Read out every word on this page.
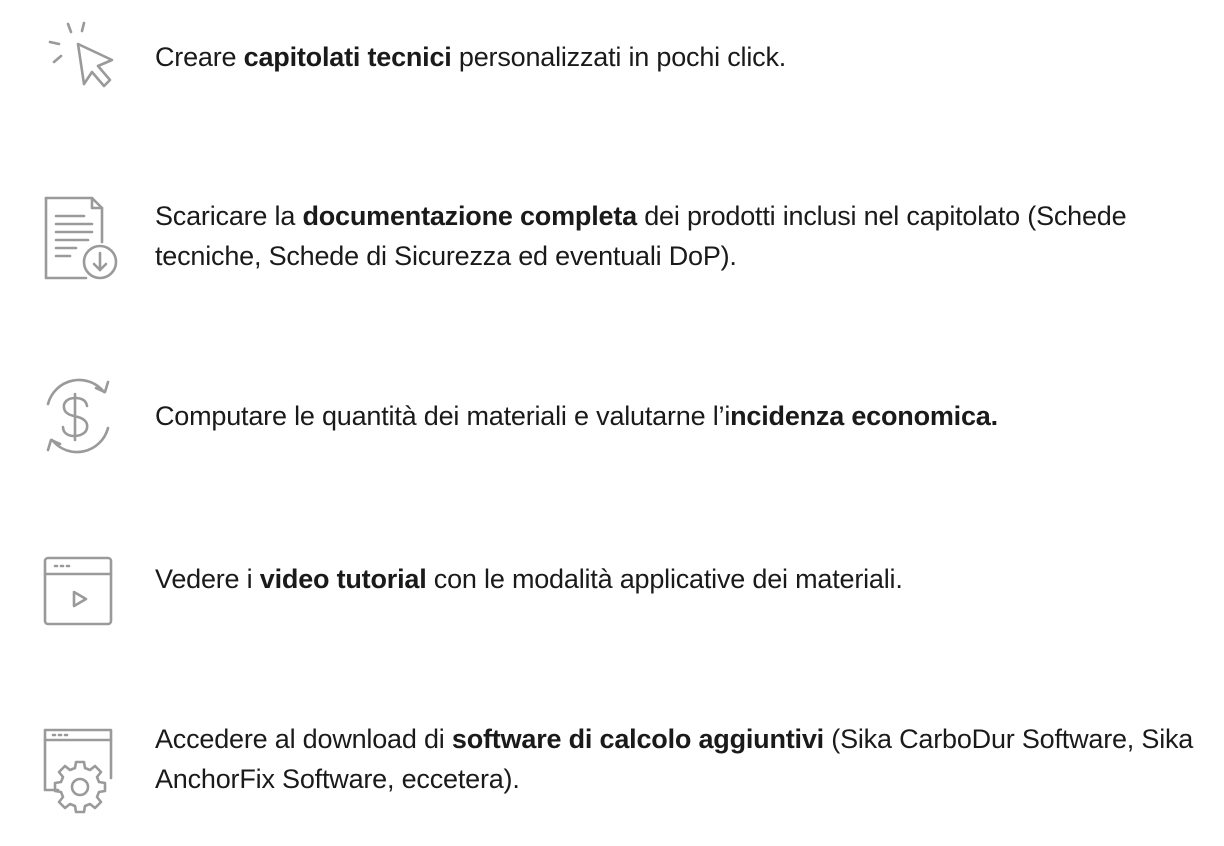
Creare capitolati tecnici personalizzati in pochi click.
Scaricare la documentazione completa dei prodotti inclusi nel capitolato (Schede tecniche, Schede di Sicurezza ed eventuali DoP).
Computare le quantità dei materiali e valutarne l’incidenza economica.
Vedere i video tutorial con le modalità applicative dei materiali.
Accedere al download di software di calcolo aggiuntivi (Sika CarboDur Software, Sika AnchorFix Software, eccetera).
